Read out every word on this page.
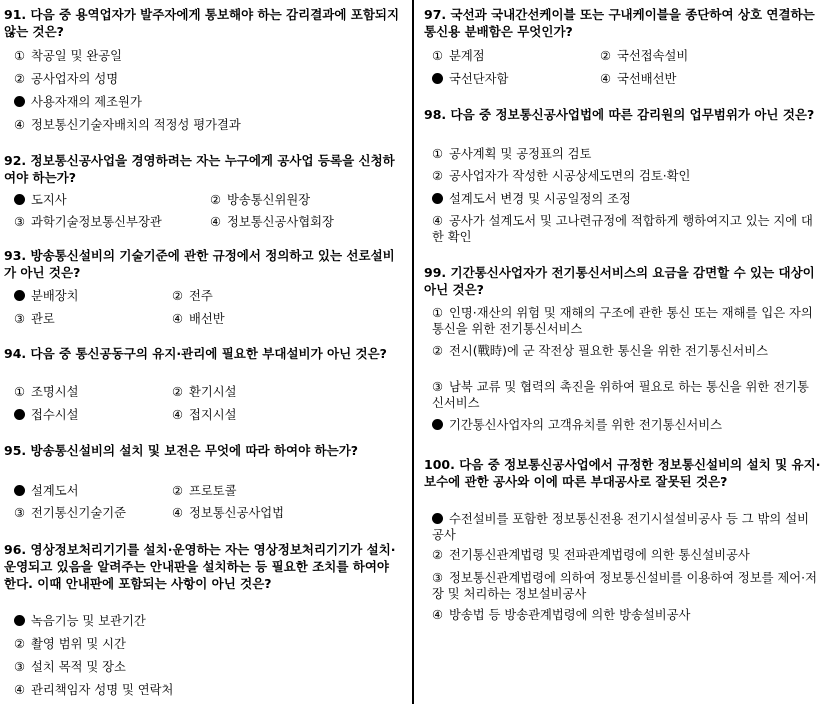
91. 다음 중 용역업자가 발주자에게 통보해야 하는 감리결과에 포함되지 않는 것은?

① 착공일 및 완공일
② 공사업자의 성명
사용자재의 제조원가
④ 정보통신기술자배치의 적정성 평가결과

92. 정보통신공사업을 경영하려는 자는 누구에게 공사업 등록을 신청하여야 하는가?

도지사	② 방송통신위원장
③ 과학기술정보통신부장관	④ 정보통신공사협회장

93. 방송통신설비의 기술기준에 관한 규정에서 정의하고 있는 선로설비가 아닌 것은?

분배장치	② 전주
③ 관로	④ 배선반

94. 다음 중 통신공동구의 유지·관리에 필요한 부대설비가 아닌 것은?

① 조명시설	② 환기시설
접수시설	④ 접지시설

95. 방송통신설비의 설치 및 보전은 무엇에 따라 하여야 하는가?

설계도서	② 프로토콜
③ 전기통신기술기준	④ 정보통신공사업법

96. 영상정보처리기기를 설치·운영하는 자는 영상정보처리기기가 설치·운영되고 있음을 알려주는 안내판을 설치하는 등 필요한 조치를 하여야 한다. 이때 안내판에 포함되는 사항이 아닌 것은?

녹음기능 및 보관기간
② 촬영 범위 및 시간
③ 설치 목적 및 장소
④ 관리책임자 성명 및 연락처

97. 국선과 국내간선케이블 또는 구내케이블을 종단하여 상호 연결하는 통신용 분배함은 무엇인가?

① 분계점	② 국선접속설비
국선단자함	④ 국선배선반

98. 다음 중 정보통신공사업법에 따른 감리원의 업무범위가 아닌 것은?

① 공사계획 및 공정표의 검토
② 공사업자가 작성한 시공상세도면의 검토·확인
설계도서 변경 및 시공일정의 조정
④ 공사가 설계도서 및 고나련규정에 적합하게 행하여지고 있는 지에 대한 확인

99. 기간통신사업자가 전기통신서비스의 요금을 감면할 수 있는 대상이 아닌 것은?

① 인명·재산의 위험 및 재해의 구조에 관한 통신 또는 재해를 입은 자의 통신을 위한 전기통신서비스
② 전시(戰時)에 군 작전상 필요한 통신을 위한 전기통신서비스
③ 남북 교류 및 협력의 촉진을 위하여 필요로 하는 통신을 위한 전기통신서비스
기간통신사업자의 고객유치를 위한 전기통신서비스

100. 다음 중 정보통신공사업에서 규정한 정보통신설비의 설치 및 유지·보수에 관한 공사와 이에 따른 부대공사로 잘못된 것은?

수전설비를 포함한 정보통신전용 전기시설설비공사 등 그 밖의 설비공사
② 전기통신관계법령 및 전파관계법령에 의한 통신설비공사
③ 정보통신관계법령에 의하여 정보통신설비를 이용하여 정보를 제어·저장 및 처리하는 정보설비공사
④ 방송법 등 방송관계법령에 의한 방송설비공사
